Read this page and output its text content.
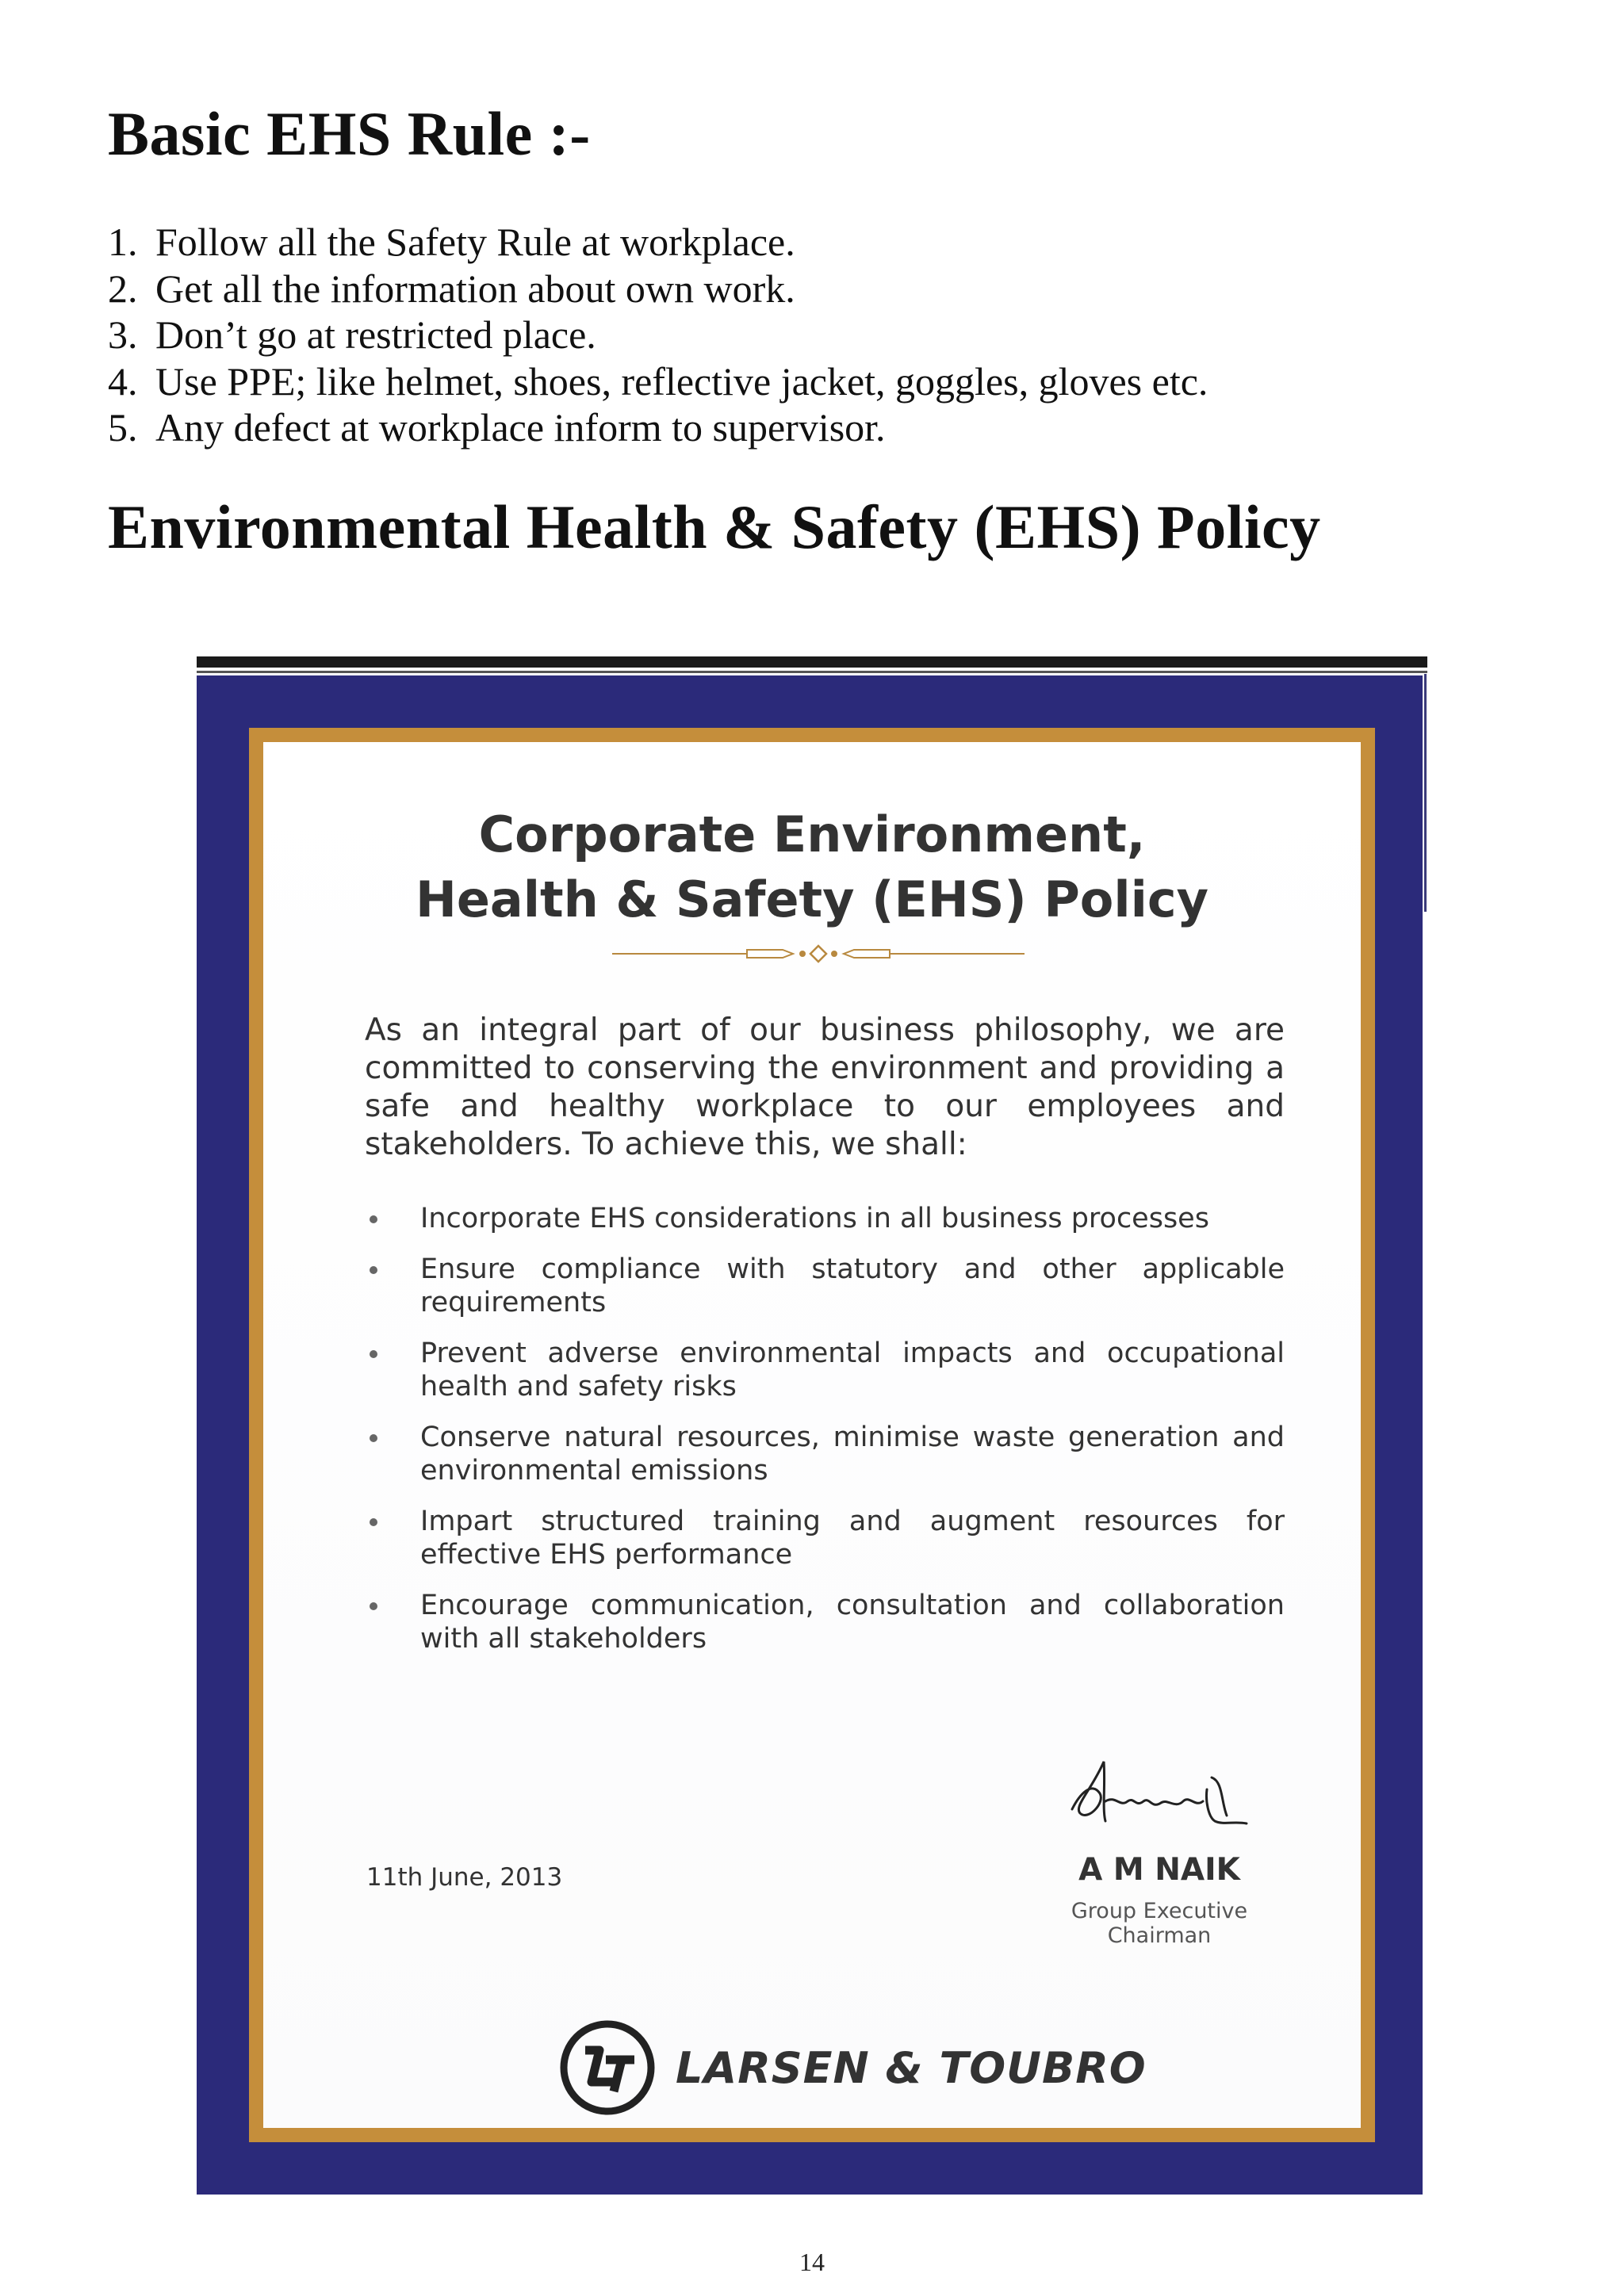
Basic EHS Rule :-
1. Follow all the Safety Rule at workplace.
2. Get all the information about own work.
3. Don’t go at restricted place.
4. Use PPE; like helmet, shoes, reflective jacket, goggles, gloves etc.
5. Any defect at workplace inform to supervisor.
Environmental Health & Safety (EHS) Policy
Corporate Environment,
Health & Safety (EHS) Policy

As an integral part of our business philosophy, we are committed to conserving the environment and providing a safe and healthy workplace to our employees and stakeholders. To achieve this, we shall:

Incorporate EHS considerations in all business processes
Ensure compliance with statutory and other applicable requirements
Prevent adverse environmental impacts and occupational health and safety risks
Conserve natural resources, minimise waste generation and environmental emissions
Impart structured training and augment resources for effective EHS performance
Encourage communication, consultation and collaboration with all stakeholders

11th June, 2013	A M NAIK
Group Executive Chairman
LARSEN & TOUBRO
14
